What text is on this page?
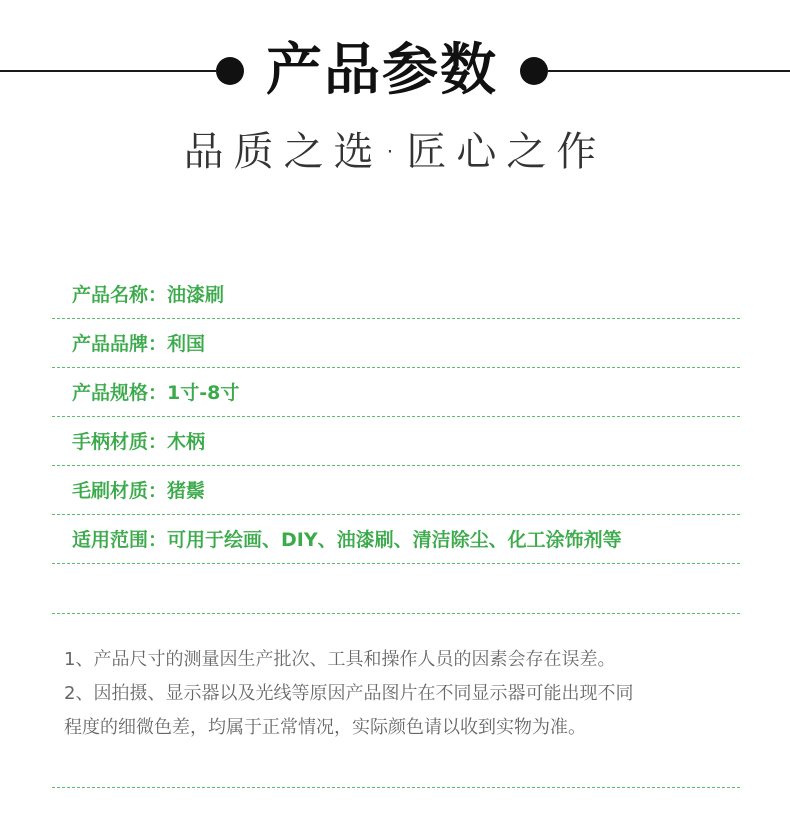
产品参数
品质之选·匠心之作
产品名称：油漆刷
产品品牌：利国
产品规格：1寸-8寸
手柄材质：木柄
毛刷材质：猪鬃
适用范围：可用于绘画、DIY、油漆刷、清洁除尘、化工涂饰剂等

1、产品尺寸的测量因生产批次、工具和操作人员的因素会存在误差。

2、因拍摄、显示器以及光线等原因产品图片在不同显示器可能出现不同

程度的细微色差，均属于正常情况，实际颜色请以收到实物为准。
